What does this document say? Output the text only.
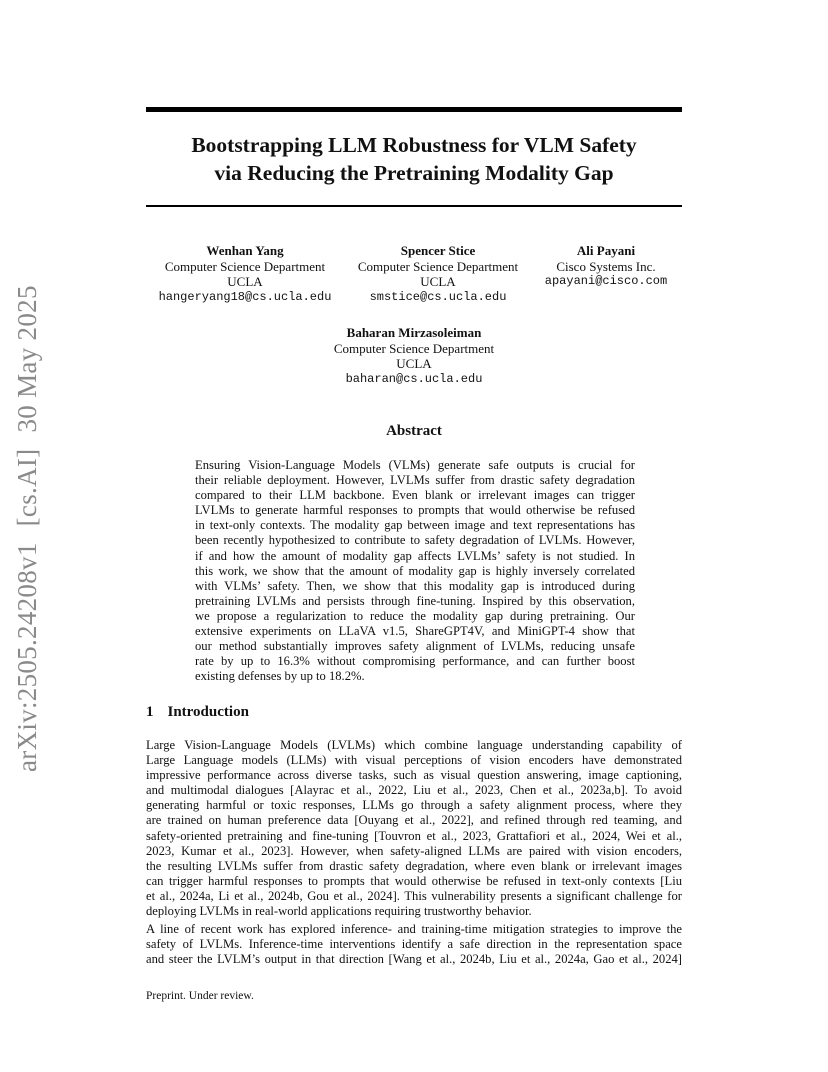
arXiv:2505.24208v1[cs.AI]30 May 2025
Bootstrapping LLM Robustness for VLM Safety
via Reducing the Pretraining Modality Gap
Wenhan Yang
Computer Science Department
UCLA
hangeryang18@cs.ucla.edu
Spencer Stice
Computer Science Department
UCLA
smstice@cs.ucla.edu
Ali Payani
Cisco Systems Inc.
apayani@cisco.com
Baharan Mirzasoleiman
Computer Science Department
UCLA
baharan@cs.ucla.edu
Abstract
Ensuring Vision-Language Models (VLMs) generate safe outputs is crucial for
their reliable deployment. However, LVLMs suffer from drastic safety degradation
compared to their LLM backbone. Even blank or irrelevant images can trigger
LVLMs to generate harmful responses to prompts that would otherwise be refused
in text-only contexts. The modality gap between image and text representations has
been recently hypothesized to contribute to safety degradation of LVLMs. However,
if and how the amount of modality gap affects LVLMs’ safety is not studied. In
this work, we show that the amount of modality gap is highly inversely correlated
with VLMs’ safety. Then, we show that this modality gap is introduced during
pretraining LVLMs and persists through fine-tuning. Inspired by this observation,
we propose a regularization to reduce the modality gap during pretraining. Our
extensive experiments on LLaVA v1.5, ShareGPT4V, and MiniGPT-4 show that
our method substantially improves safety alignment of LVLMs, reducing unsafe
rate by up to 16.3% without compromising performance, and can further boost
existing defenses by up to 18.2%.
1 Introduction
Large Vision-Language Models (LVLMs) which combine language understanding capability of
Large Language models (LLMs) with visual perceptions of vision encoders have demonstrated
impressive performance across diverse tasks, such as visual question answering, image captioning,
and multimodal dialogues [Alayrac et al., 2022, Liu et al., 2023, Chen et al., 2023a,b]. To avoid
generating harmful or toxic responses, LLMs go through a safety alignment process, where they
are trained on human preference data [Ouyang et al., 2022], and refined through red teaming, and
safety-oriented pretraining and fine-tuning [Touvron et al., 2023, Grattafiori et al., 2024, Wei et al.,
2023, Kumar et al., 2023]. However, when safety-aligned LLMs are paired with vision encoders,
the resulting LVLMs suffer from drastic safety degradation, where even blank or irrelevant images
can trigger harmful responses to prompts that would otherwise be refused in text-only contexts [Liu
et al., 2024a, Li et al., 2024b, Gou et al., 2024]. This vulnerability presents a significant challenge for
deploying LVLMs in real-world applications requiring trustworthy behavior.
A line of recent work has explored inference- and training-time mitigation strategies to improve the
safety of LVLMs. Inference-time interventions identify a safe direction in the representation space
and steer the LVLM’s output in that direction [Wang et al., 2024b, Liu et al., 2024a, Gao et al., 2024]
Preprint. Under review.
